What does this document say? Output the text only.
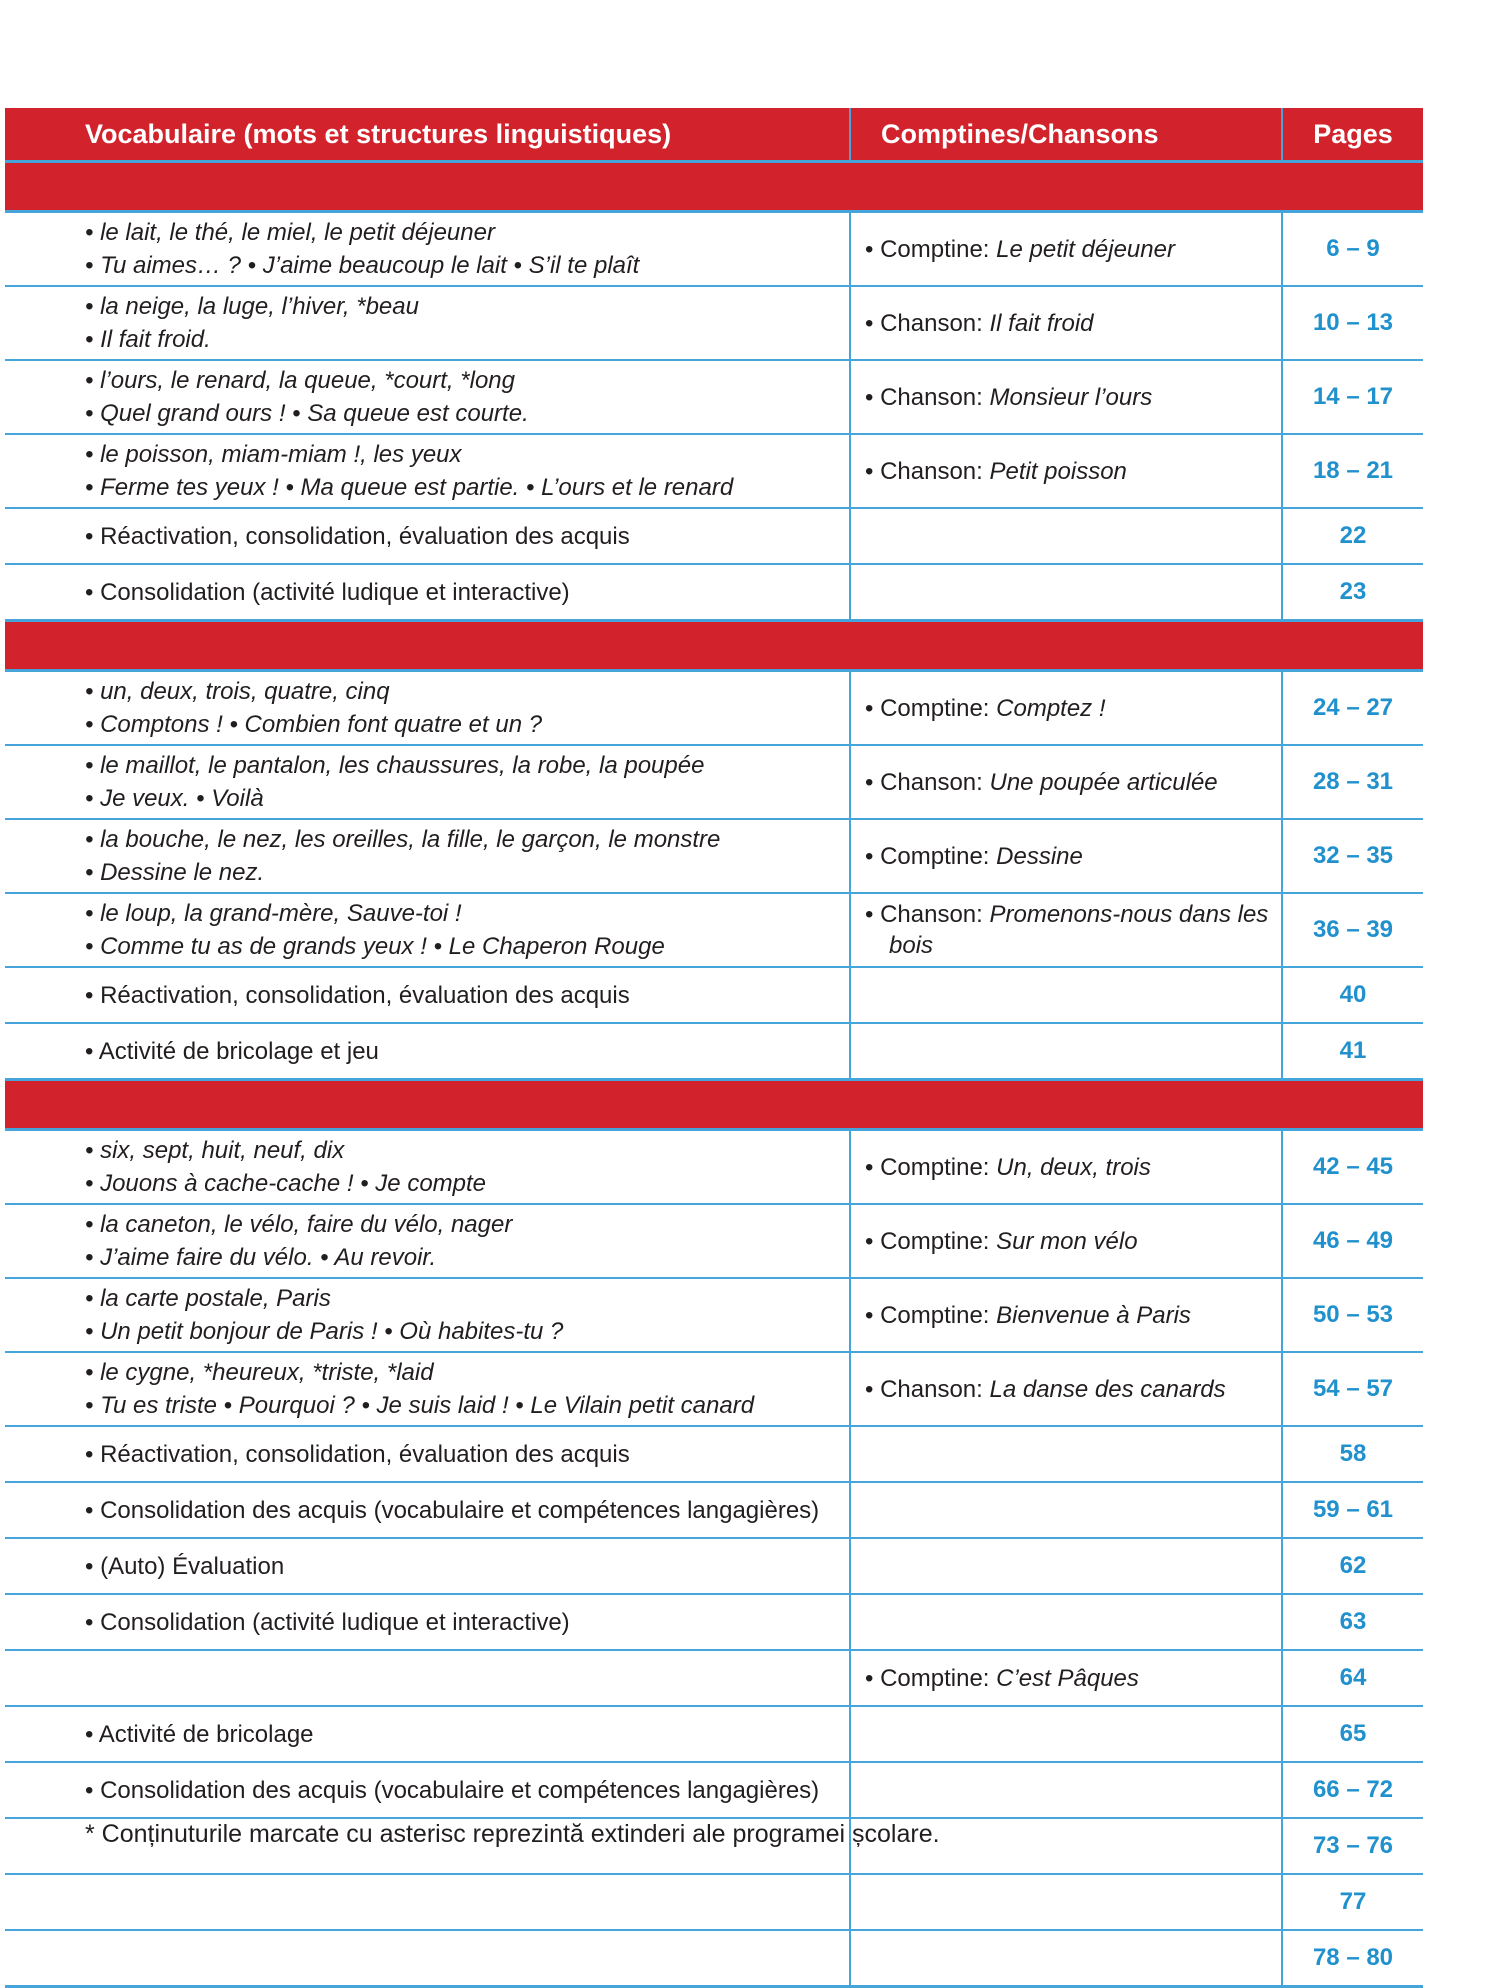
Vocabulaire (mots et structures linguistiques)	Comptines/Chansons	Pages

• le lait, le thé, le miel, le petit déjeuner
• Tu aimes… ? • J’aime beaucoup le lait • S’il te plaît	• Comptine: Le petit déjeuner	6 – 9

• la neige, la luge, l’hiver, *beau
• Il fait froid.	• Chanson: Il fait froid	10 – 13

• l’ours, le renard, la queue, *court, *long
• Quel grand ours ! • Sa queue est courte.	• Chanson: Monsieur l’ours	14 – 17

• le poisson, miam-miam !, les yeux
• Ferme tes yeux ! • Ma queue est partie. • L’ours et le renard	• Chanson: Petit poisson	18 – 21

• Réactivation, consolidation, évaluation des acquis		22

• Consolidation (activité ludique et interactive)		23

• un, deux, trois, quatre, cinq
• Comptons ! • Combien font quatre et un ?	• Comptine: Comptez !	24 – 27

• le maillot, le pantalon, les chaussures, la robe, la poupée
• Je veux. • Voilà	• Chanson: Une poupée articulée	28 – 31

• la bouche, le nez, les oreilles, la fille, le garçon, le monstre
• Dessine le nez.	• Comptine: Dessine	32 – 35

• le loup, la grand-mère, Sauve-toi !
• Comme tu as de grands yeux ! • Le Chaperon Rouge	• Chanson: Promenons-nous dans les bois	36 – 39

• Réactivation, consolidation, évaluation des acquis		40

• Activité de bricolage et jeu		41

• six, sept, huit, neuf, dix
• Jouons à cache-cache ! • Je compte	• Comptine: Un, deux, trois	42 – 45

• la caneton, le vélo, faire du vélo, nager
• J’aime faire du vélo. • Au revoir.	• Comptine: Sur mon vélo	46 – 49

• la carte postale, Paris
• Un petit bonjour de Paris ! • Où habites-tu ?	• Comptine: Bienvenue à Paris	50 – 53

• le cygne, *heureux, *triste, *laid
• Tu es triste • Pourquoi ? • Je suis laid ! • Le Vilain petit canard	• Chanson: La danse des canards	54 – 57

• Réactivation, consolidation, évaluation des acquis		58

• Consolidation des acquis (vocabulaire et compétences langagières)		59 – 61

• (Auto) Évaluation		62

• Consolidation (activité ludique et interactive)		63

	• Comptine: C’est Pâques	64

• Activité de bricolage		65

• Consolidation des acquis (vocabulaire et compétences langagières)		66 – 72
		73 – 76
		77
		78 – 80

* Conținuturile marcate cu asterisc reprezintă extinderi ale programei școlare.
